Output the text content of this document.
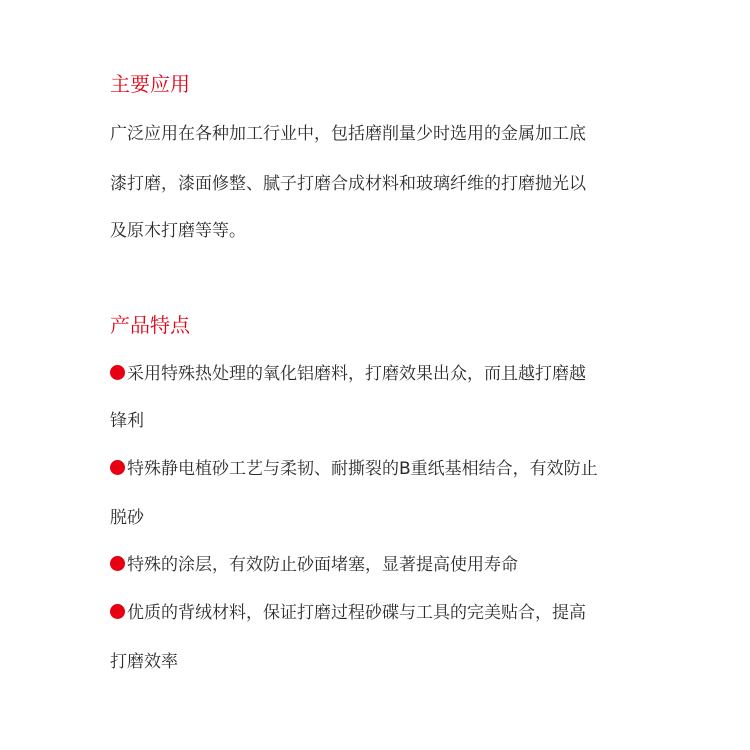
主要应用
广泛应用在各种加工行业中，包括磨削量少时选用的金属加工底
漆打磨，漆面修整、腻子打磨合成材料和玻璃纤维的打磨抛光以
及原木打磨等等。
产品特点
采用特殊热处理的氧化铝磨料，打磨效果出众，而且越打磨越
锋利
特殊静电植砂工艺与柔韧、耐撕裂的B重纸基相结合，有效防止
脱砂
特殊的涂层，有效防止砂面堵塞，显著提高使用寿命
优质的背绒材料，保证打磨过程砂碟与工具的完美贴合，提高
打磨效率
